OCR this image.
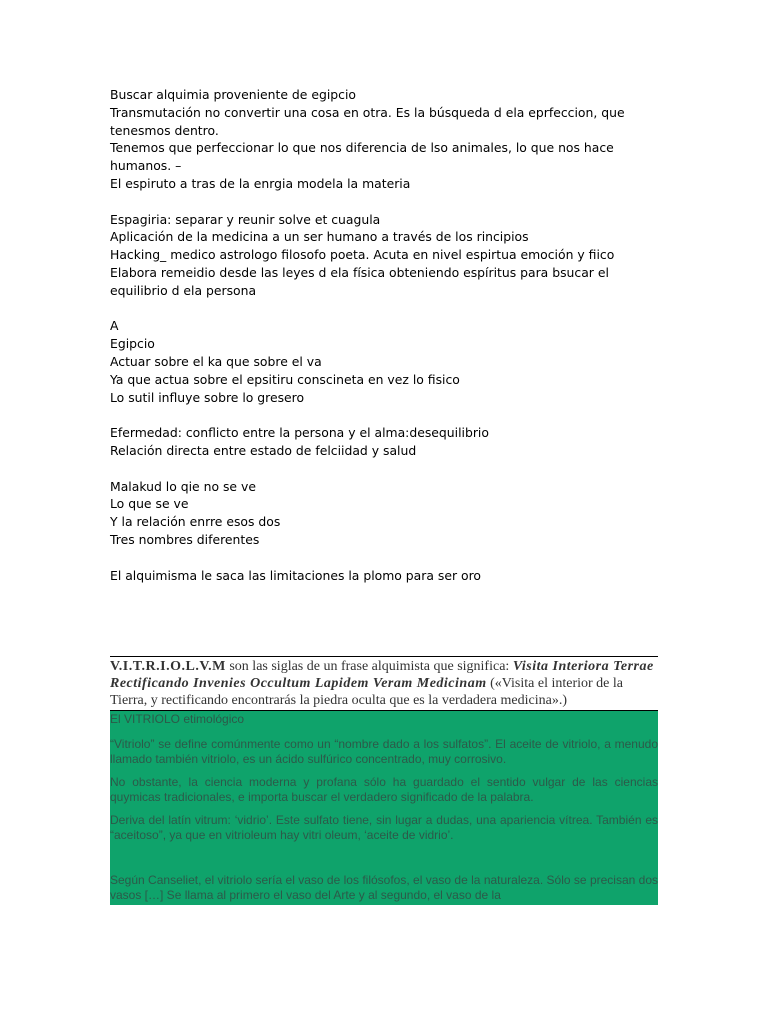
Buscar alquimia proveniente de egipcio

Transmutación no convertir una cosa en otra. Es la búsqueda d ela eprfeccion, que

tenesmos dentro.

Tenemos que perfeccionar lo que nos diferencia de lso animales, lo que nos hace

humanos. –

El espiruto a tras de la enrgia modela la materia

Espagiria: separar y reunir solve et cuagula

Aplicación de la medicina a un ser humano a través de los rincipios

Hacking_ medico astrologo filosofo poeta. Acuta en nivel espirtua emoción y fiico

Elabora remeidio desde las leyes d ela física obteniendo espíritus para bsucar el

equilibrio d ela persona

A

Egipcio

Actuar sobre el ka que sobre el va

Ya que actua sobre el epsitiru conscineta en vez lo fisico

Lo sutil influye sobre lo gresero

Efermedad: conflicto entre la persona y el alma:desequilibrio

Relación directa entre estado de felciidad y salud

Malakud lo qie no se ve

Lo que se ve

Y la relación enrre esos dos

Tres nombres diferentes

El alquimisma le saca las limitaciones la plomo para ser oro

V.I.T.R.I.O.L.V.M son las siglas de un frase alquimista que significa: Visita Interiora Terrae Rectificando Invenies Occultum Lapidem Veram Medicinam («Visita el interior de la Tierra, y rectificando encontrarás la piedra oculta que es la verdadera medicina».)

El VITRIOLO etimológico

“Vitriolo” se define comúnmente como un “nombre dado a los sulfatos”. El aceite de vitriolo, a menudo llamado también vitriolo, es un ácido sulfúrico concentrado, muy corrosivo.

No obstante, la ciencia moderna y profana sólo ha guardado el sentido vulgar de las ciencias quymicas tradicionales, e importa buscar el verdadero significado de la palabra.

Deriva del latín vitrum: ‘vidrio’. Este sulfato tiene, sin lugar a dudas, una apariencia vítrea. También es “aceitoso”, ya que en vitrioleum hay vitri oleum, ‘aceite de vidrio’.

Según Canseliet, el vitriolo sería el vaso de los filósofos, el vaso de la naturaleza. Sólo se precisan dos vasos […] Se llama al primero el vaso del Arte y al segundo, el vaso de la
